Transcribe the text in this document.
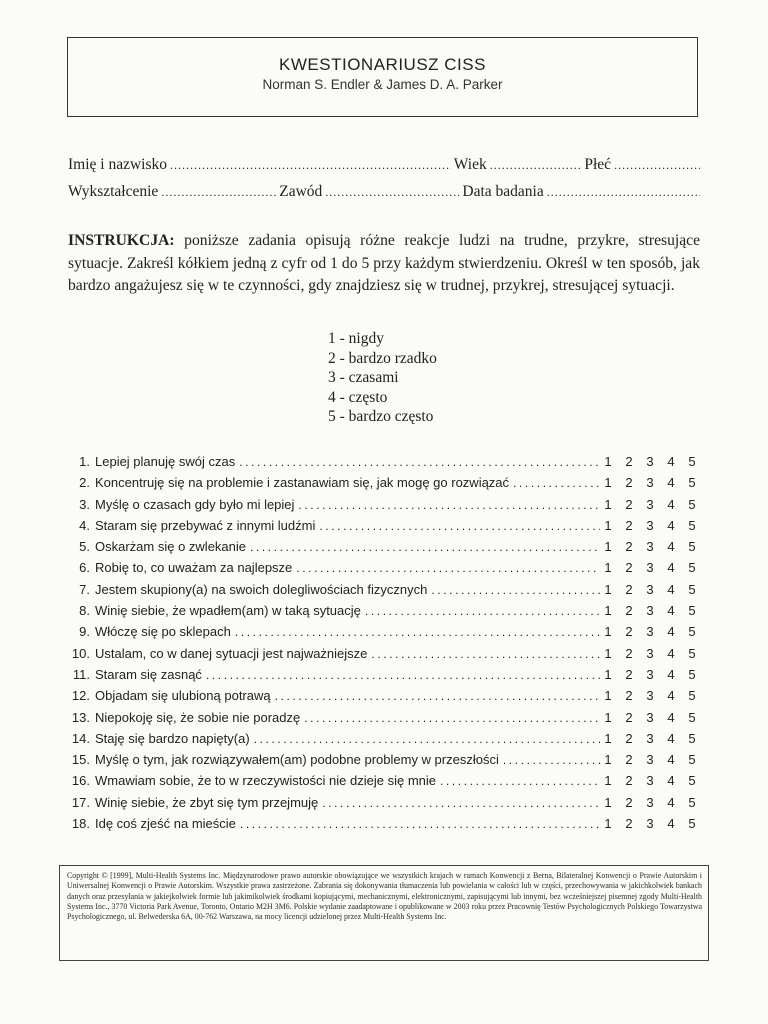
KWESTIONARIUSZ CISS
Norman S. Endler & James D. A. Parker
Imię i nazwisko .....	Wiek .....	Płeć
.....
Wykształcenie .....	Zawód .....	Data badania
.....
INSTRUKCJA: poniższe zadania opisują różne reakcje ludzi na trudne, przykre, stresujące sytuacje. Zakreśl kółkiem jedną z cyfr od 1 do 5 przy każdym stwierdzeniu. Określ w ten sposób, jak bardzo angażujesz się w te czynności, gdy znajdziesz się w trudnej, przykrej, stresującej sytuacji.
1 - nigdy
2 - bardzo rzadko
3 - czasami
4 - często
5 - bardzo często
1. Lepiej planuję swój czas .....	1 2 3 4 5
2. Koncentruję się na problemie i zastanawiam się, jak mogę go rozwiązać .....	1 2 3 4 5
3. Myślę o czasach gdy było mi lepiej .....	1 2 3 4 5
4. Staram się przebywać z innymi ludźmi .....	1 2 3 4 5
5. Oskarżam się o zwlekanie .....	1 2 3 4 5
6. Robię to, co uważam za najlepsze .....	1 2 3 4 5
7. Jestem skupiony(a) na swoich dolegliwościach fizycznych .....	1 2 3 4 5
8. Winię siebie, że wpadłem(am) w taką sytuację .....	1 2 3 4 5
9. Włóczę się po sklepach .....	1 2 3 4 5
10. Ustalam, co w danej sytuacji jest najważniejsze .....	1 2 3 4 5
11. Staram się zasnąć .....	1 2 3 4 5
12. Objadam się ulubioną potrawą .....	1 2 3 4 5
13. Niepokoję się, że sobie nie poradzę .....	1 2 3 4 5
14. Staję się bardzo napięty(a) .....	1 2 3 4 5
15. Myślę o tym, jak rozwiązywałem(am) podobne problemy w przeszłości .....	1 2 3 4 5
16. Wmawiam sobie, że to w rzeczywistości nie dzieje się mnie .....	1 2 3 4 5
17. Winię siebie, że zbyt się tym przejmuję .....	1 2 3 4 5
18. Idę coś zjeść na mieście .....	1 2 3 4 5
Copyright © [1999], Multi-Health Systems Inc. Międzynarodowe prawo autorskie obowiązujące we wszystkich krajach w ramach Konwencji z Berna, Bilateralnej Konwencji o Prawie Autorskim i Uniwersalnej Konwencji o Prawie Autorskim. Wszystkie prawa zastrzeżone. Zabrania się dokonywania tłumaczenia lub powielania w całości lub w części, przechowywania w jakichkolwiek bankach danych oraz przesyłania w jakiejkolwiek formie lub jakimikolwiek środkami kopiującymi, mechanicznymi, elektronicznymi, zapisującymi lub innymi, bez wcześniejszej pisemnej zgody Multi-Health Systems Inc., 3770 Victoria Park Avenue, Toronto, Ontario M2H 3M6. Polskie wydanie zaadaptowane i opublikowane w 2003 roku przez Pracownię Testów Psychologicznych Polskiego Towarzystwa Psychologicznego, ul. Belwederska 6A, 00-762 Warszawa, na mocy licencji udzielonej przez Multi-Health Systems Inc.
